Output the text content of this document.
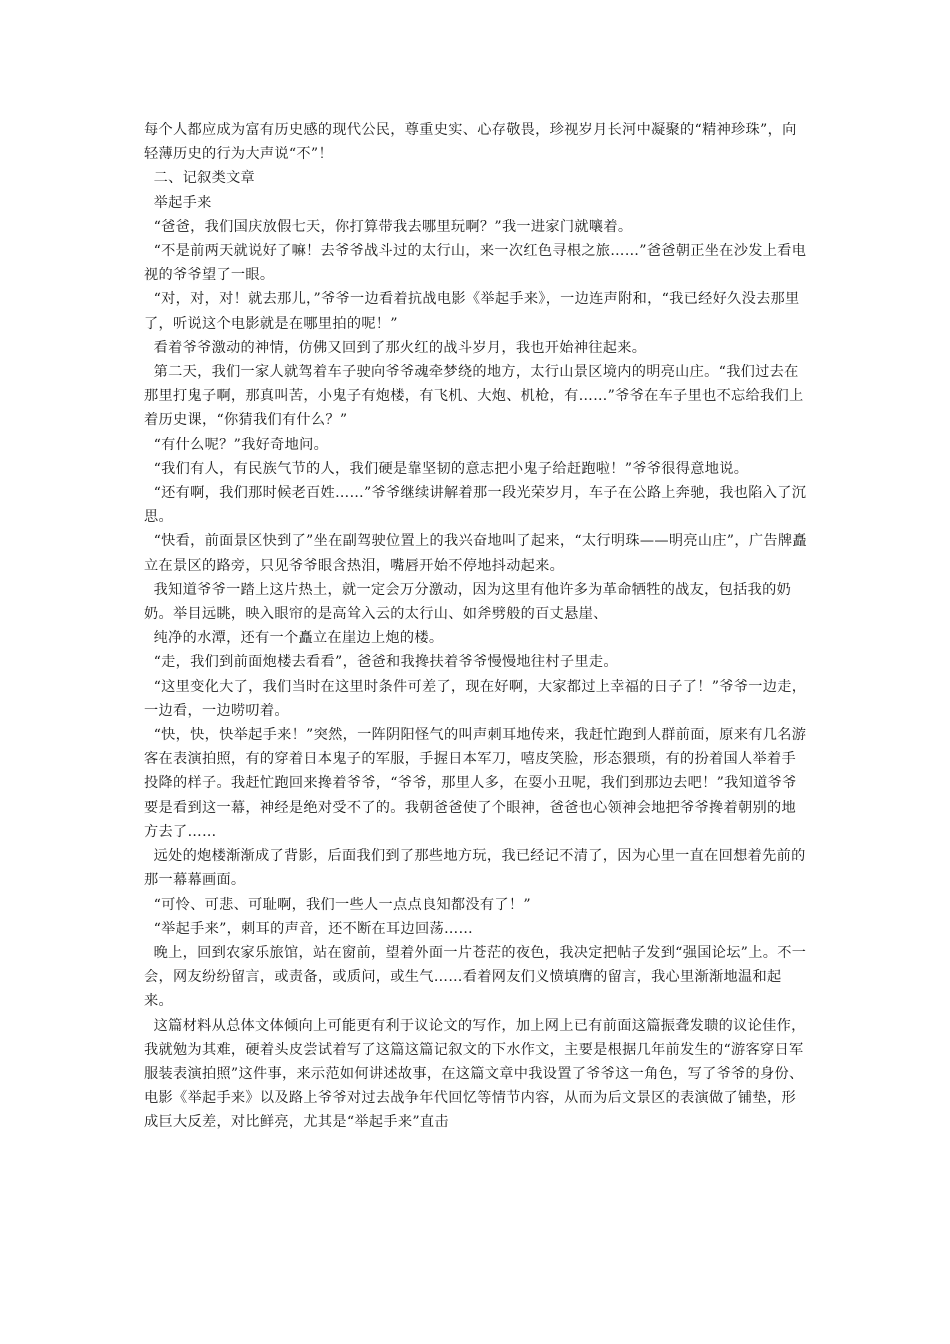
每个人都应成为富有历史感的现代公民，尊重史实、心存敬畏，珍视岁月长河中凝聚的“精神珍珠”，向轻薄历史的行为大声说“不”！

二、记叙类文章

举起手来

“爸爸，我们国庆放假七天，你打算带我去哪里玩啊？”我一进家门就嚷着。

“不是前两天就说好了嘛！去爷爷战斗过的太行山，来一次红色寻根之旅……”爸爸朝正坐在沙发上看电视的爷爷望了一眼。

“对，对，对！就去那儿，”爷爷一边看着抗战电影《举起手来》，一边连声附和，“我已经好久没去那里了，听说这个电影就是在哪里拍的呢！”

看着爷爷激动的神情，仿佛又回到了那火红的战斗岁月，我也开始神往起来。

第二天，我们一家人就驾着车子驶向爷爷魂牵梦绕的地方，太行山景区境内的明亮山庄。“我们过去在那里打鬼子啊，那真叫苦，小鬼子有炮楼，有飞机、大炮、机枪，有……”爷爷在车子里也不忘给我们上着历史课，“你猜我们有什么？”

“有什么呢？”我好奇地问。

“我们有人，有民族气节的人，我们硬是靠坚韧的意志把小鬼子给赶跑啦！”爷爷很得意地说。

“还有啊，我们那时候老百姓……”爷爷继续讲解着那一段光荣岁月，车子在公路上奔驰，我也陷入了沉思。

“快看，前面景区快到了”坐在副驾驶位置上的我兴奋地叫了起来，“太行明珠——明亮山庄”，广告牌矗立在景区的路旁，只见爷爷眼含热泪，嘴唇开始不停地抖动起来。

我知道爷爷一踏上这片热土，就一定会万分激动，因为这里有他许多为革命牺牲的战友，包括我的奶奶。举目远眺，映入眼帘的是高耸入云的太行山、如斧劈般的百丈悬崖、

纯净的水潭，还有一个矗立在崖边上炮的楼。

“走，我们到前面炮楼去看看”，爸爸和我搀扶着爷爷慢慢地往村子里走。

“这里变化大了，我们当时在这里时条件可差了，现在好啊，大家都过上幸福的日子了！”爷爷一边走，一边看，一边唠叨着。

“快，快，快举起手来！”突然，一阵阴阳怪气的叫声刺耳地传来，我赶忙跑到人群前面，原来有几名游客在表演拍照，有的穿着日本鬼子的军服，手握日本军刀，嘻皮笑脸，形态猥琐，有的扮着国人举着手投降的样子。我赶忙跑回来搀着爷爷，“爷爷，那里人多，在耍小丑呢，我们到那边去吧！”我知道爷爷要是看到这一幕，神经是绝对受不了的。我朝爸爸使了个眼神，爸爸也心领神会地把爷爷搀着朝别的地方去了……

远处的炮楼渐渐成了背影，后面我们到了那些地方玩，我已经记不清了，因为心里一直在回想着先前的那一幕幕画面。

“可怜、可悲、可耻啊，我们一些人一点点良知都没有了！”

“举起手来”，刺耳的声音，还不断在耳边回荡……

晚上，回到农家乐旅馆，站在窗前，望着外面一片苍茫的夜色，我决定把帖子发到“强国论坛”上。不一会，网友纷纷留言，或责备，或质问，或生气……看着网友们义愤填膺的留言，我心里渐渐地温和起来。

这篇材料从总体文体倾向上可能更有利于议论文的写作，加上网上已有前面这篇振聋发聩的议论佳作，我就勉为其难，硬着头皮尝试着写了这篇这篇记叙文的下水作文，主要是根据几年前发生的“游客穿日军服装表演拍照”这件事，来示范如何讲述故事，在这篇文章中我设置了爷爷这一角色，写了爷爷的身份、电影《举起手来》以及路上爷爷对过去战争年代回忆等情节内容，从而为后文景区的表演做了铺垫，形成巨大反差，对比鲜亮，尤其是“举起手来”直击
